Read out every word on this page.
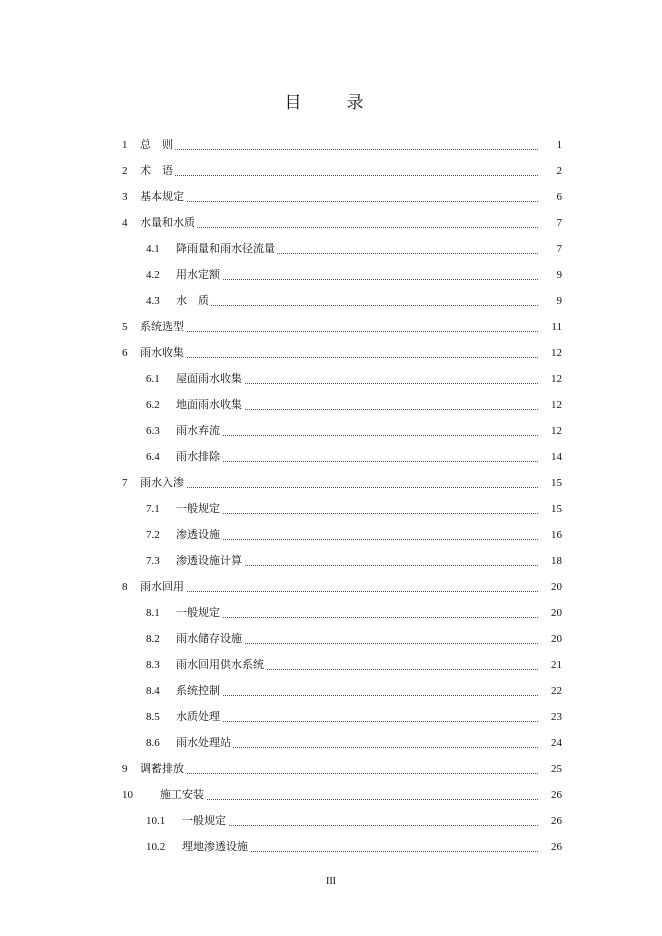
目　录
1 总　则	1
2 术　语	2
3 基本规定	6
4 水量和水质	7
4.1 降雨量和雨水径流量	7
4.2 用水定额	9
4.3 水　质	9
5 系统选型	11
6 雨水收集	12
6.1 屋面雨水收集	12
6.2 地面雨水收集	12
6.3 雨水弃流	12
6.4 雨水排除	14
7 雨水入渗	15
7.1 一般规定	15
7.2 渗透设施	16
7.3 渗透设施计算	18
8 雨水回用	20
8.1 一般规定	20
8.2 雨水储存设施	20
8.3 雨水回用供水系统	21
8.4 系统控制	22
8.5 水质处理	23
8.6 雨水处理站	24
9 调蓄排放	25
10 施工安装	26
10.1 一般规定	26
10.2 埋地渗透设施	26
III
